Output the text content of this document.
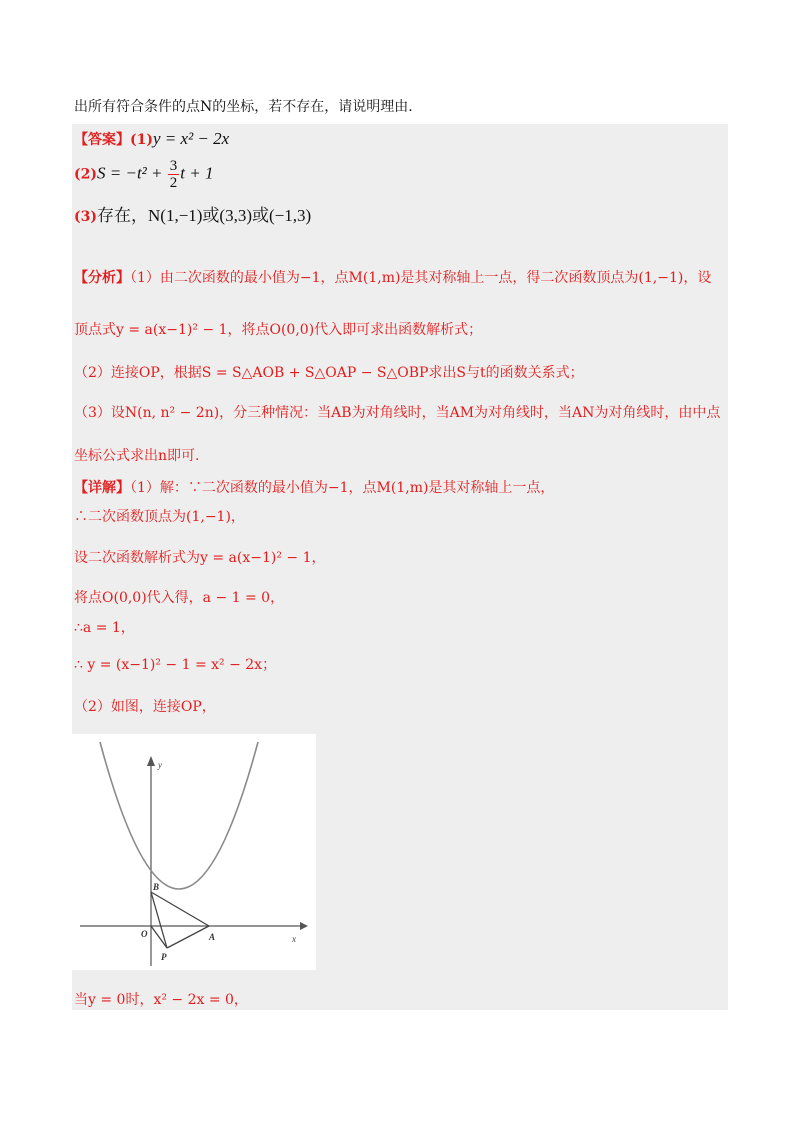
出所有符合条件的点N的坐标，若不存在，请说明理由.
【答案】(1)y = x² − 2x
$(2)S = -t^2 + \frac{3}{2}$ t + 1
(3)存在，N(1,−1)或(3,3)或(−1,3)
【分析】（1）由二次函数的最小值为−1，点M(1,m)是其对称轴上一点，得二次函数顶点为(1,−1)，设
顶点式y = a(x−1)² − 1，将点O(0,0)代入即可求出函数解析式；
（2）连接OP，根据S = S△AOB + S△OAP − S△OBP求出S与t的函数关系式；
（3）设N(n, n² − 2n)，分三种情况：当AB为对角线时，当AM为对角线时，当AN为对角线时，由中点
坐标公式求出n即可.
【详解】（1）解：∵二次函数的最小值为−1，点M(1,m)是其对称轴上一点，
∴二次函数顶点为(1,−1)，
设二次函数解析式为y = a(x−1)² − 1，
将点O(0,0)代入得，a − 1 = 0，
∴a = 1，
∴ y = (x−1)² − 1 = x² − 2x；
（2）如图，连接OP，
y
x
O	A
B
P
当y = 0时，x² − 2x = 0，
